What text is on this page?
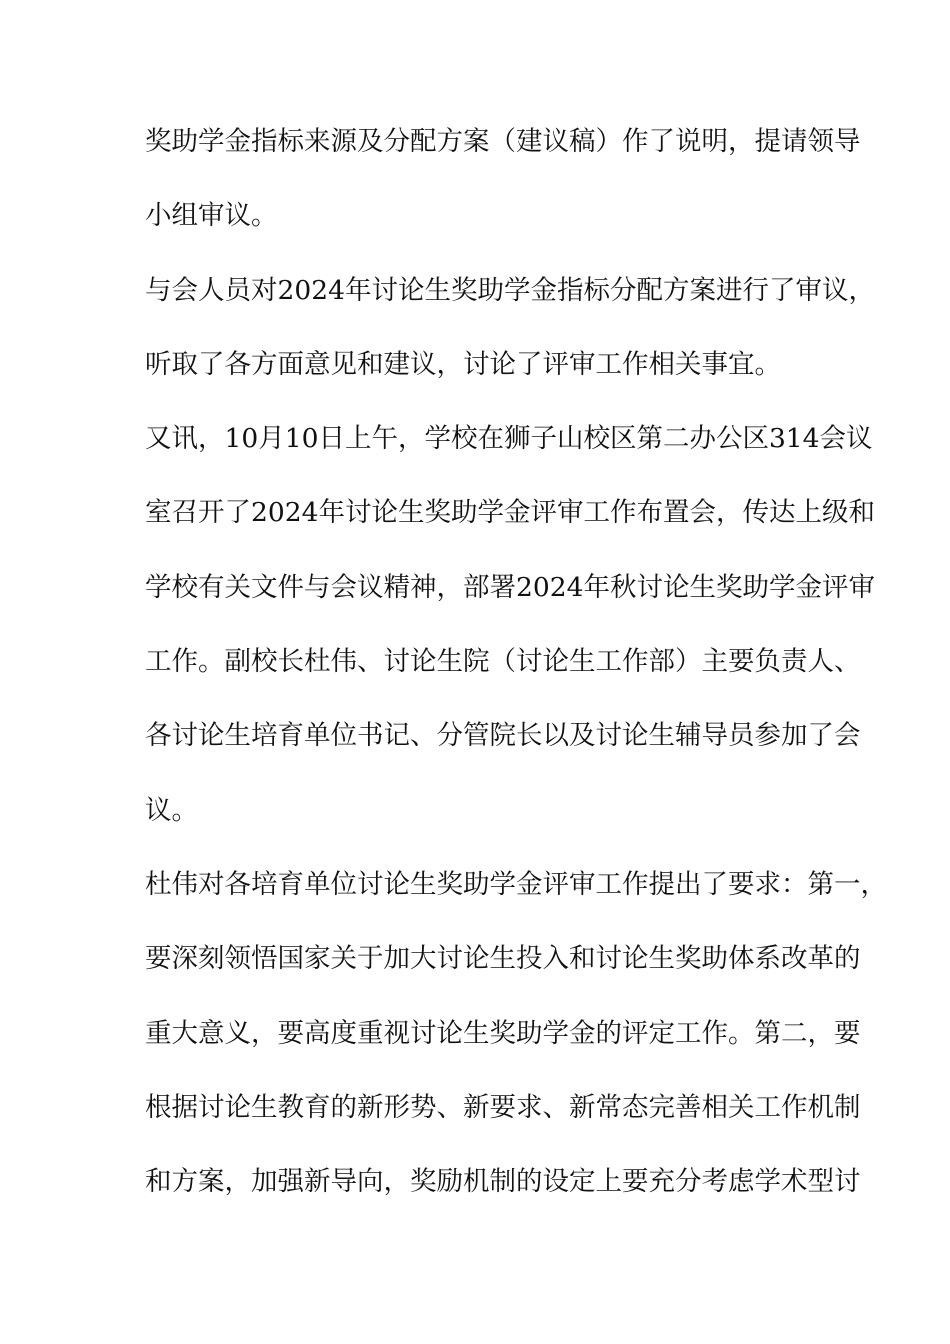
奖助学金指标来源及分配方案（建议稿）作了说明，提请领导

小组审议。

与会人员对2024年讨论生奖助学金指标分配方案进行了审议，

听取了各方面意见和建议，讨论了评审工作相关事宜。

又讯，10月10日上午，学校在狮子山校区第二办公区314会议

室召开了2024年讨论生奖助学金评审工作布置会，传达上级和

学校有关文件与会议精神，部署2024年秋讨论生奖助学金评审

工作。副校长杜伟、讨论生院（讨论生工作部）主要负责人、

各讨论生培育单位书记、分管院长以及讨论生辅导员参加了会

议。

杜伟对各培育单位讨论生奖助学金评审工作提出了要求：第一，

要深刻领悟国家关于加大讨论生投入和讨论生奖助体系改革的

重大意义，要高度重视讨论生奖助学金的评定工作。第二，要

根据讨论生教育的新形势、新要求、新常态完善相关工作机制

和方案，加强新导向，奖励机制的设定上要充分考虑学术型讨
